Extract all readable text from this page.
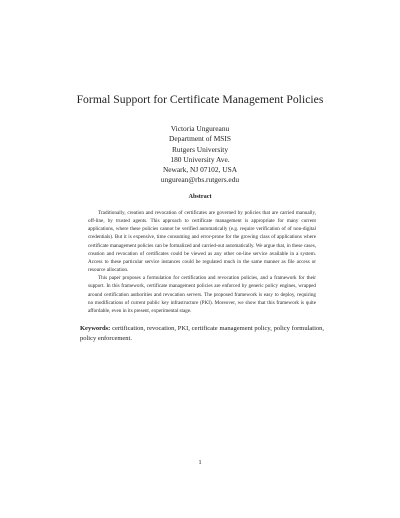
Formal Support for Certificate Management Policies
Victoria Ungureanu
Department of MSIS
Rutgers University
180 University Ave.
Newark, NJ 07102, USA
ungurean@rbs.rutgers.edu
Abstract

Traditionally, creation and revocation of certificates are governed by policies that are carried manually, off-line, by trusted agents. This approach to certificate management is appropriate for many current applications, where these policies cannot be verified automatically (e.g. require verification of of non-digital credentials). But it is expensive, time consuming and error-prone for the growing class of applications where certificate management policies can be formalized and carried-out automatically. We argue that, in these cases, creation and revocation of certificates could be viewed as any other on-line service available in a system. Access to these particular service instances could be regulated much in the same manner as file access or resource allocation.

This paper proposes a formulation for certification and revocation policies, and a framework for their support. In this framework, certificate management policies are enforced by generic policy engines, wrapped around certification authorities and revocation servers. The proposed framework is easy to deploy, requiring no modifications of current public key infrastructure (PKI). Moreover, we show that this framework is quite affordable, even in its present, experimental stage.

Keywords: certification, revocation, PKI, certificate management policy, policy formulation, policy enforcement.
1
